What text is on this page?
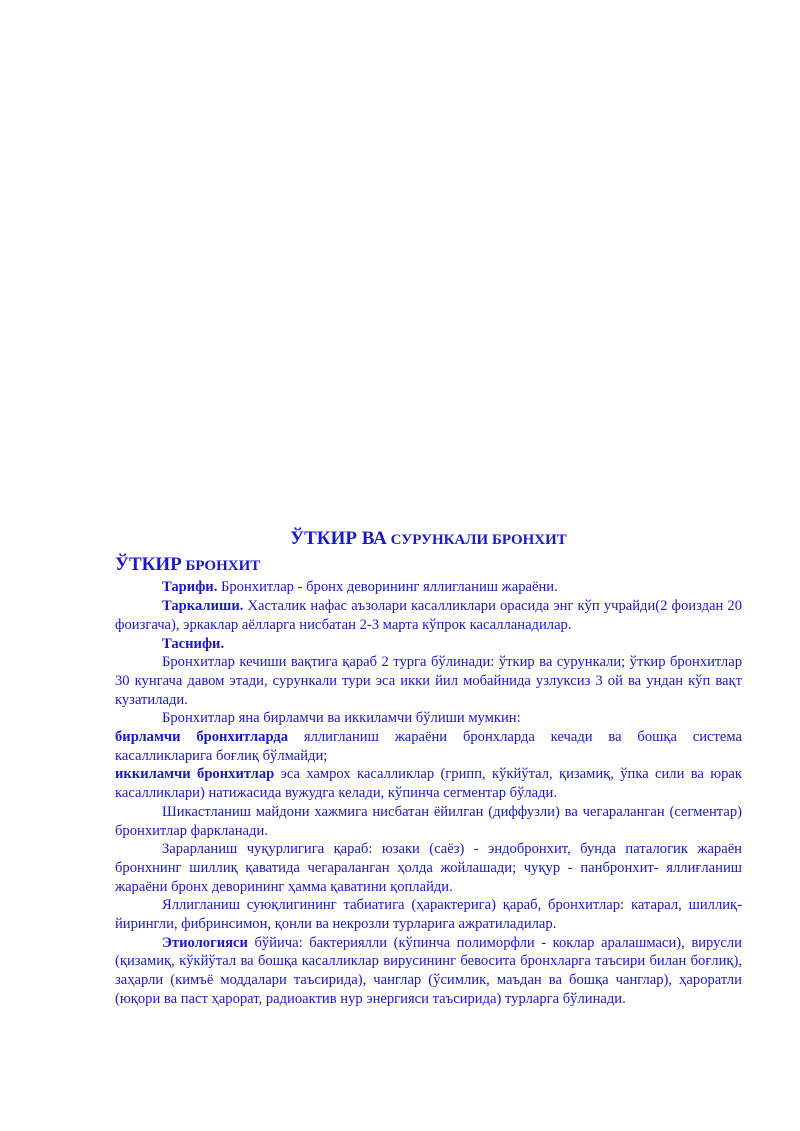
ЎТКИР ВА СУРУНКАЛИ БРОНХИТ
ЎТКИР БРОНХИТ

Тарифи. Бронхитлар - бронх деворининг яллигланиш жараёни.

Таркалиши. Хасталик нафас аъзолари касалликлари орасида энг кўп учрайди(2 фоиздан 20 фоизгача), эркаклар аёлларга нисбатан 2-3 марта кўпрок касалланадилар.

Таснифи.

Бронхитлар кечиши вақтига қараб 2 турга бўлинади: ўткир ва сурункали; ўткир бронхитлар 30 кунгача давом этади, сурункали тури эса икки йил мобайнида узлуксиз 3 ой ва ундан кўп вақт кузатилади.

Бронхитлар яна бирламчи ва иккиламчи бўлиши мумкин:

бирламчи бронхитларда яллигланиш жараёни бронхларда кечади ва бошқа система касалликларига боғлиқ бўлмайди;

иккиламчи бронхитлар эса хамрох касалликлар (грипп, кўкйўтал, қизамиқ, ўпка сили ва юрак касалликлари) натижасида вужудга келади, кўпинча сегментар бўлади.

Шикастланиш майдони хажмига нисбатан ёйилган (диффузли) ва чегараланган (сегментар) бронхитлар фаркланади.

Зарарланиш чуқурлигига қараб: юзаки (саёз) - эндобронхит, бунда паталогик жараён бронхнинг шиллиқ қаватида чегараланган ҳолда жойлашади; чуқур - панбронхит- яллиғланиш жараёни бронх деворининг ҳамма қаватини қоплайди.

Яллигланиш суюқлигининг табиатига (ҳарактерига) қараб, бронхитлар: катарал, шиллиқ-йирингли, фибринсимон, қонли ва некрозли турларига ажратиладилар.

Этиологияси бўйича: бактериялли (кўпинча полиморфли - коклар аралашмаси), вирусли (қизамиқ, кўкйўтал ва бошқа касалликлар вирусининг бевосита бронхларга таъсири билан боғлиқ), заҳарли (кимъё моддалари таъсирида), чанглар (ўсимлик, маъдан ва бошқа чанглар), ҳароратли (юқори ва паст ҳарорат, радиоактив нур энергияси таъсирида) турларга бўлинади.
